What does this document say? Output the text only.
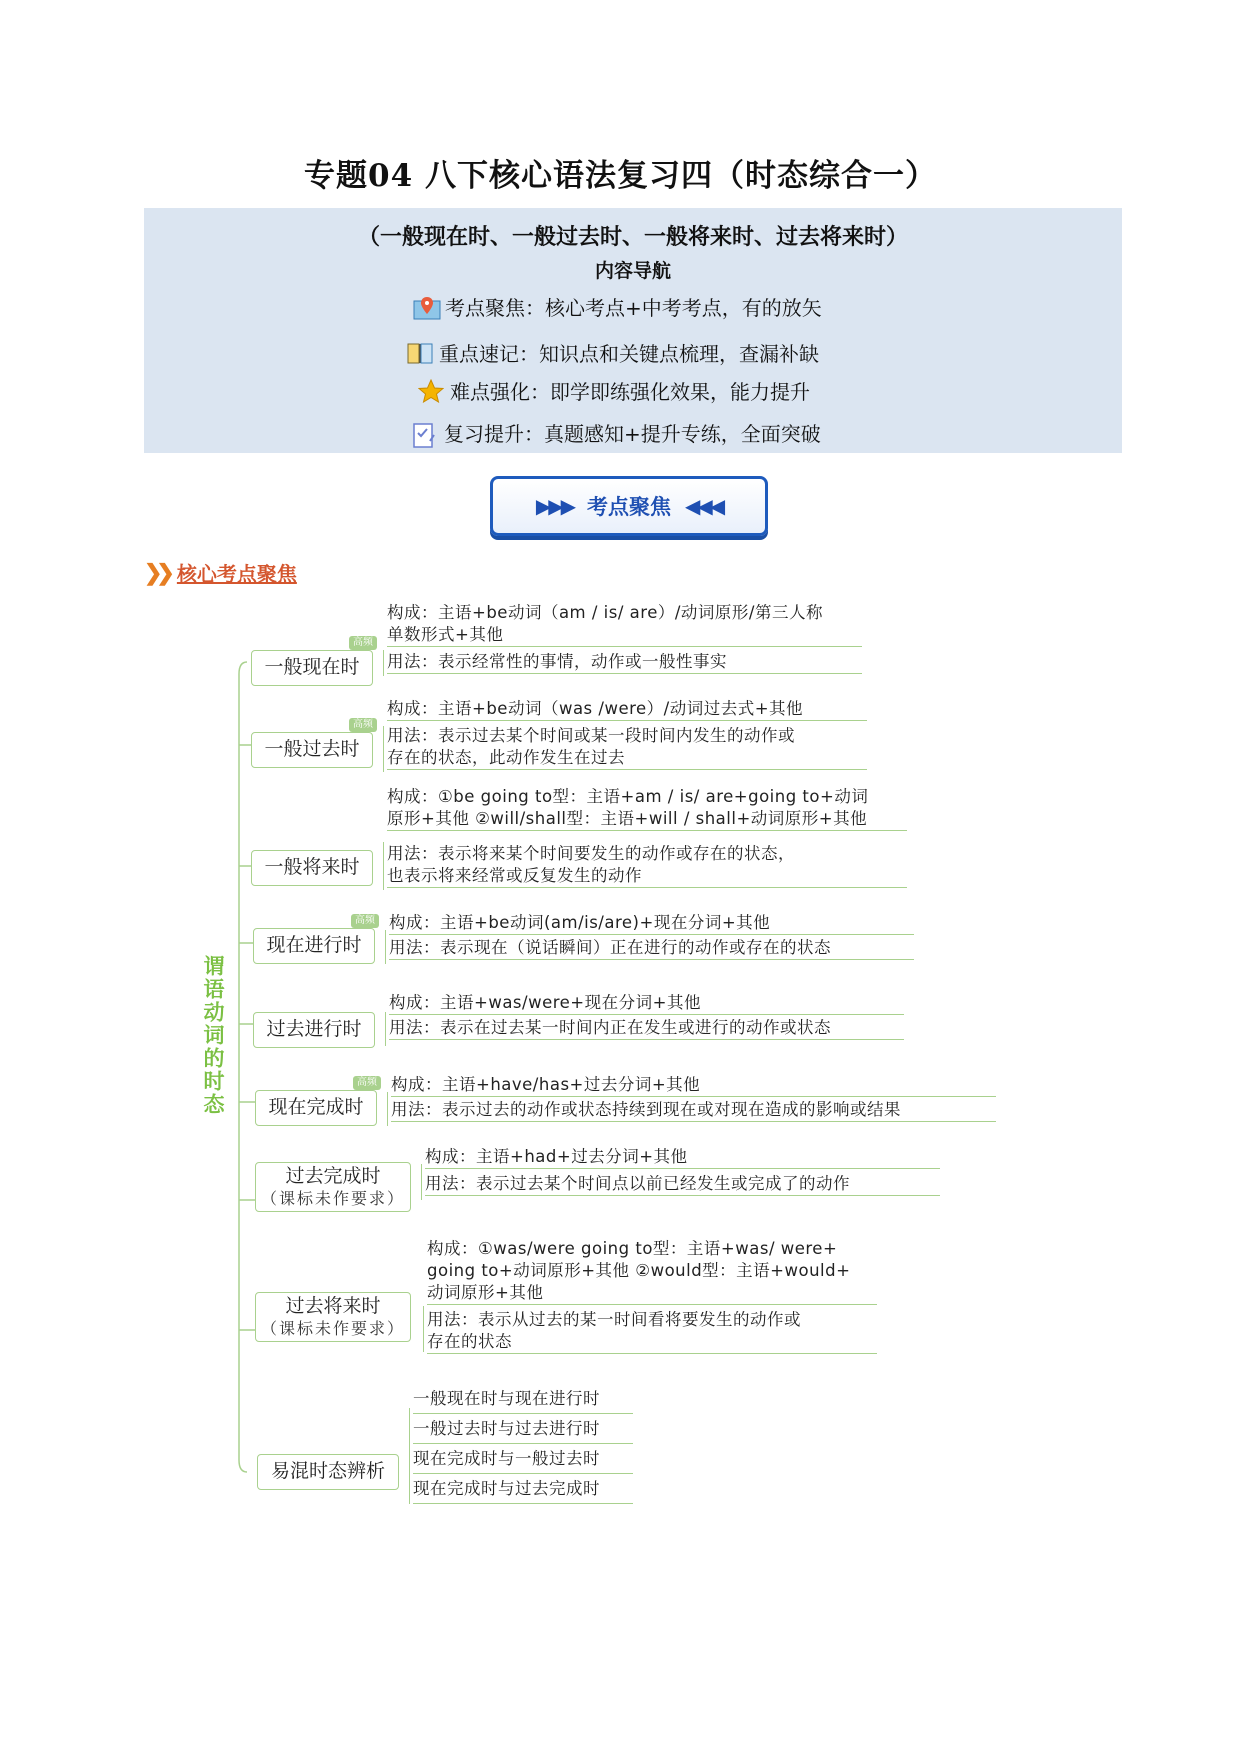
专题04 八下核心语法复习四（时态综合一）
（一般现在时、一般过去时、一般将来时、过去将来时）
内容导航
考点聚焦：核心考点+中考考点，有的放矢
重点速记：知识点和关键点梳理，查漏补缺
难点强化：即学即练强化效果，能力提升
复习提升：真题感知+提升专练，全面突破
▶▶▶ 考点聚焦 ◀◀◀
❯❯ 核心考点聚焦
谓语动词的时态
高频
一般现在时
构成：主语+be动词（am / is/ are）/动词原形/第三人称
单数形式+其他
用法：表示经常性的事情，动作或一般性事实
高频
一般过去时
构成：主语+be动词（was /were）/动词过去式+其他
用法：表示过去某个时间或某一段时间内发生的动作或
存在的状态，此动作发生在过去
一般将来时
构成：①be going to型：主语+am / is/ are+going to+动词
原形+其他 ②will/shall型：主语+will / shall+动词原形+其他
用法：表示将来某个时间要发生的动作或存在的状态，
也表示将来经常或反复发生的动作
高频
现在进行时
构成：主语+be动词(am/is/are)+现在分词+其他
用法：表示现在（说话瞬间）正在进行的动作或存在的状态
过去进行时
构成：主语+was/were+现在分词+其他
用法：表示在过去某一时间内正在发生或进行的动作或状态
高频
现在完成时
构成：主语+have/has+过去分词+其他
用法：表示过去的动作或状态持续到现在或对现在造成的影响或结果
过去完成时
（课标未作要求）
构成：主语+had+过去分词+其他
用法：表示过去某个时间点以前已经发生或完成了的动作
过去将来时
（课标未作要求）
构成：①was/were going to型：主语+was/ were+
going to+动词原形+其他 ②would型：主语+would+
动词原形+其他
用法：表示从过去的某一时间看将要发生的动作或
存在的状态
易混时态辨析
一般现在时与现在进行时
一般过去时与过去进行时
现在完成时与一般过去时
现在完成时与过去完成时
